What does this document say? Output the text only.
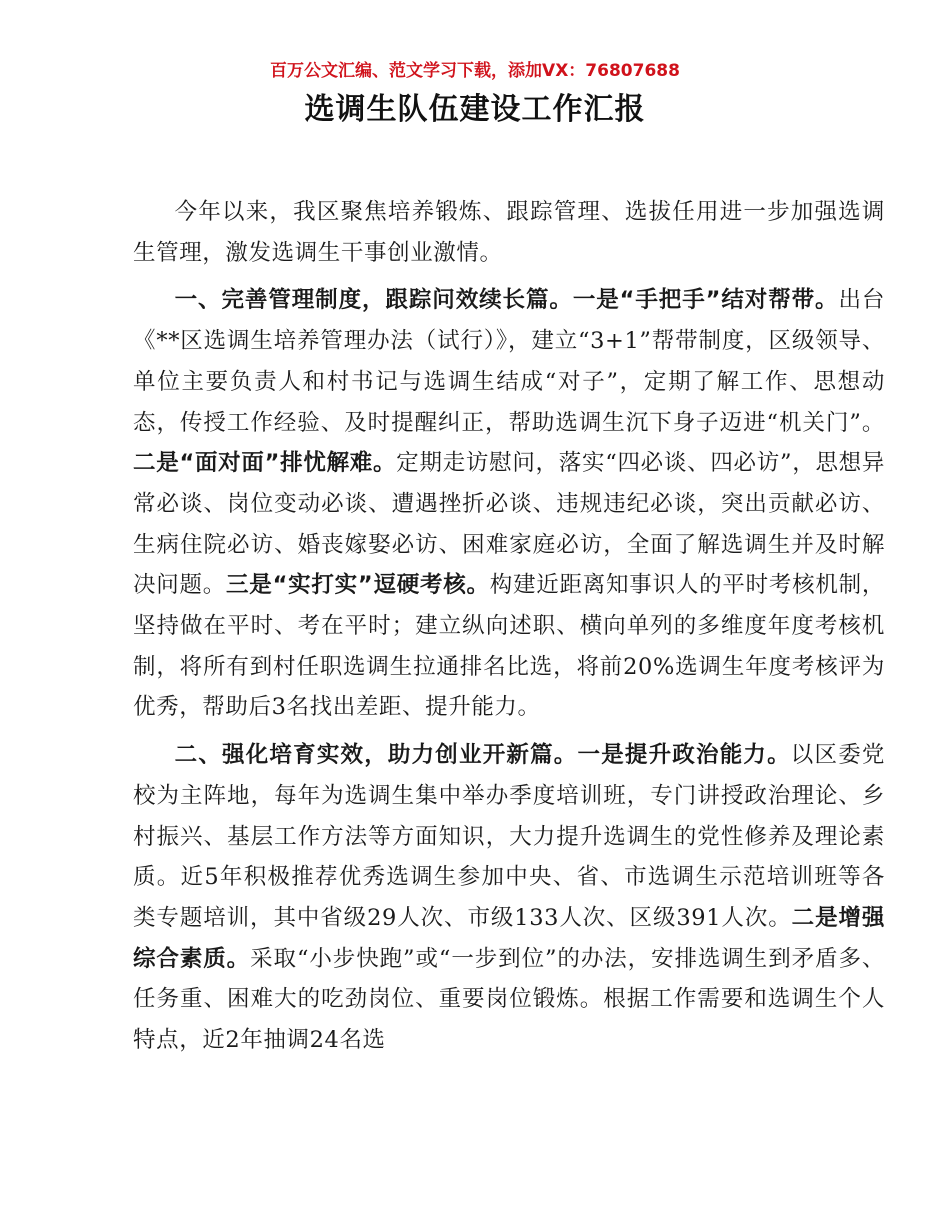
百万公文汇编、范文学习下载，添加VX：76807688
选调生队伍建设工作汇报

今年以来，我区聚焦培养锻炼、跟踪管理、选拔任用进一步加强选调生管理，激发选调生干事创业激情。

一、完善管理制度，跟踪问效续长篇。一是“手把手”结对帮带。出台《**区选调生培养管理办法（试行）》，建立“3+1”帮带制度，区级领导、单位主要负责人和村书记与选调生结成“对子”，定期了解工作、思想动态，传授工作经验、及时提醒纠正，帮助选调生沉下身子迈进“机关门”。二是“面对面”排忧解难。定期走访慰问，落实“四必谈、四必访”，思想异常必谈、岗位变动必谈、遭遇挫折必谈、违规违纪必谈，突出贡献必访、生病住院必访、婚丧嫁娶必访、困难家庭必访，全面了解选调生并及时解决问题。三是“实打实”逗硬考核。构建近距离知事识人的平时考核机制，坚持做在平时、考在平时；建立纵向述职、横向单列的多维度年度考核机制，将所有到村任职选调生拉通排名比选，将前20%选调生年度考核评为优秀，帮助后3名找出差距、提升能力。

二、强化培育实效，助力创业开新篇。一是提升政治能力。以区委党校为主阵地，每年为选调生集中举办季度培训班，专门讲授政治理论、乡村振兴、基层工作方法等方面知识，大力提升选调生的党性修养及理论素质。近5年积极推荐优秀选调生参加中央、省、市选调生示范培训班等各类专题培训，其中省级29人次、市级133人次、区级391人次。二是增强综合素质。采取“小步快跑”或“一步到位”的办法，安排选调生到矛盾多、任务重、困难大的吃劲岗位、重要岗位锻炼。根据工作需要和选调生个人特点，近2年抽调24名选
